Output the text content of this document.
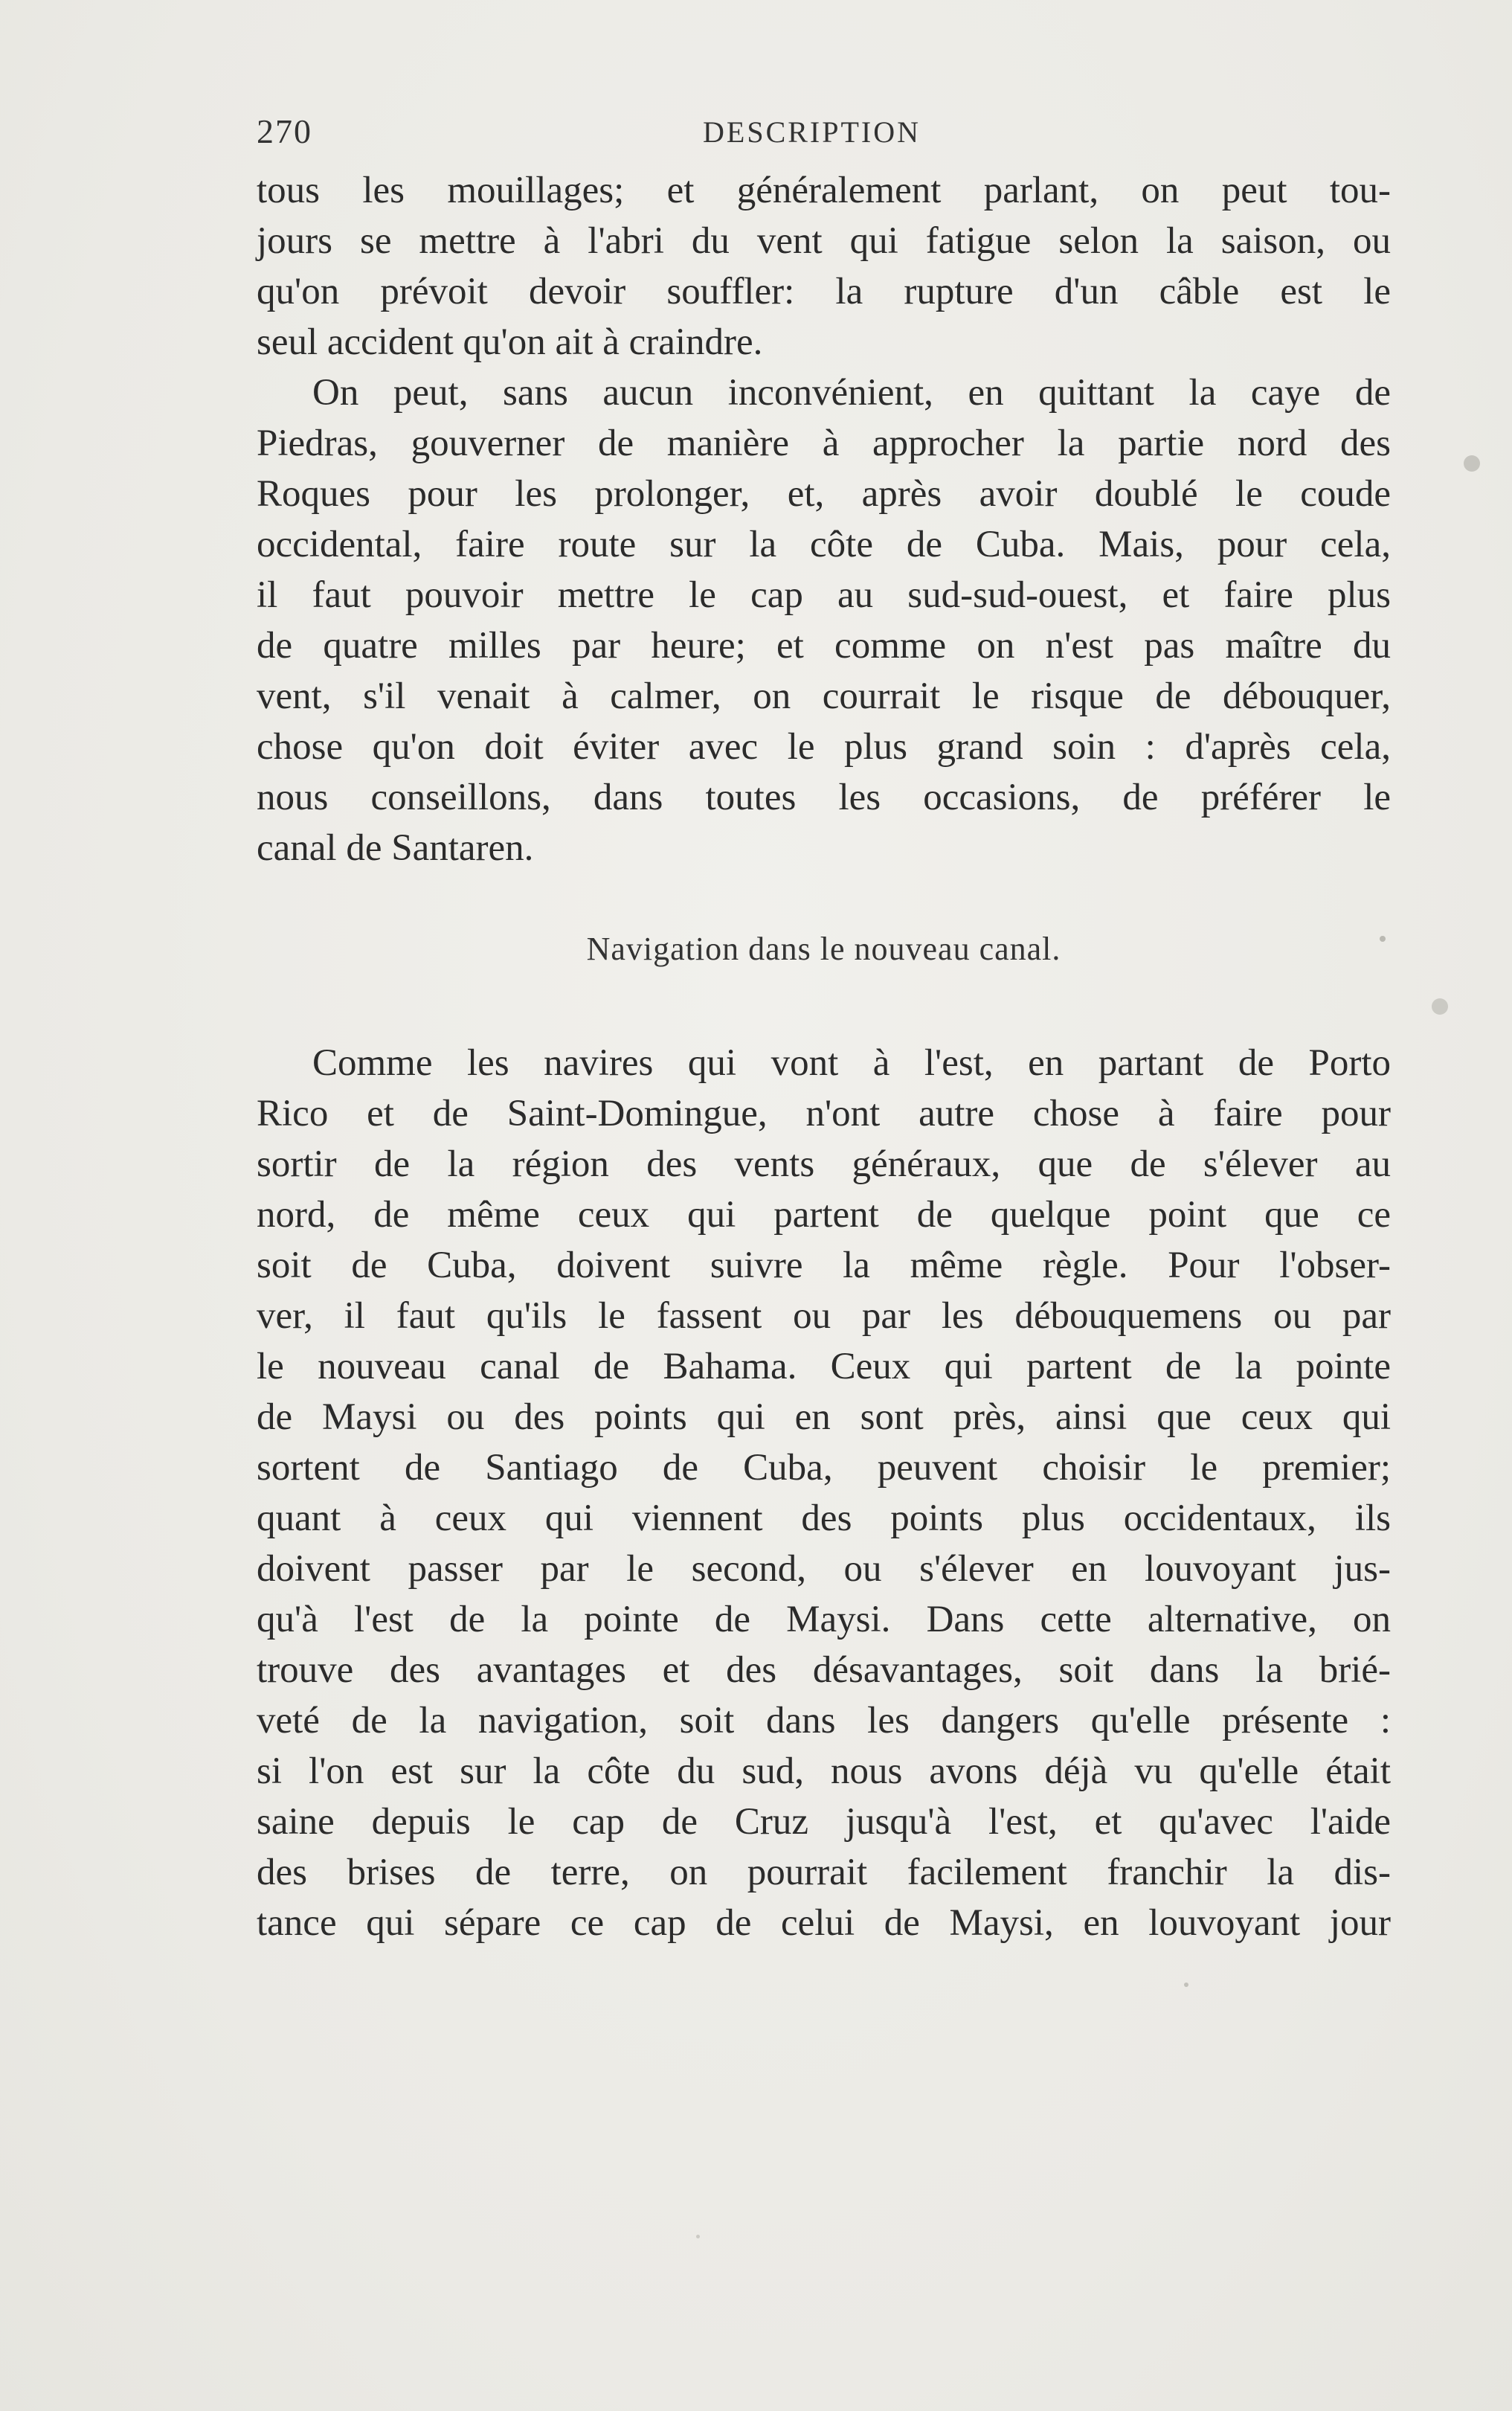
270	DESCRIPTION

tous les mouillages; et généralement parlant, on peut tou-
jours se mettre à l'abri du vent qui fatigue selon la saison, ou
qu'on prévoit devoir souffler: la rupture d'un câble est le
seul accident qu'on ait à craindre.

On peut, sans aucun inconvénient, en quittant la caye de
Piedras, gouverner de manière à approcher la partie nord des
Roques pour les prolonger, et, après avoir doublé le coude
occidental, faire route sur la côte de Cuba. Mais, pour cela,
il faut pouvoir mettre le cap au sud-sud-ouest, et faire plus
de quatre milles par heure; et comme on n'est pas maître du
vent, s'il venait à calmer, on courrait le risque de débouquer,
chose qu'on doit éviter avec le plus grand soin : d'après cela,
nous conseillons, dans toutes les occasions, de préférer le
canal de Santaren.

Navigation dans le nouveau canal.

Comme les navires qui vont à l'est, en partant de Porto
Rico et de Saint-Domingue, n'ont autre chose à faire pour
sortir de la région des vents généraux, que de s'élever au
nord, de même ceux qui partent de quelque point que ce
soit de Cuba, doivent suivre la même règle. Pour l'obser-
ver, il faut qu'ils le fassent ou par les débouquemens ou par
le nouveau canal de Bahama. Ceux qui partent de la pointe
de Maysi ou des points qui en sont près, ainsi que ceux qui
sortent de Santiago de Cuba, peuvent choisir le premier;
quant à ceux qui viennent des points plus occidentaux, ils
doivent passer par le second, ou s'élever en louvoyant jus-
qu'à l'est de la pointe de Maysi. Dans cette alternative, on
trouve des avantages et des désavantages, soit dans la brié-
veté de la navigation, soit dans les dangers qu'elle présente :
si l'on est sur la côte du sud, nous avons déjà vu qu'elle était
saine depuis le cap de Cruz jusqu'à l'est, et qu'avec l'aide
des brises de terre, on pourrait facilement franchir la dis-
tance qui sépare ce cap de celui de Maysi, en louvoyant jour
